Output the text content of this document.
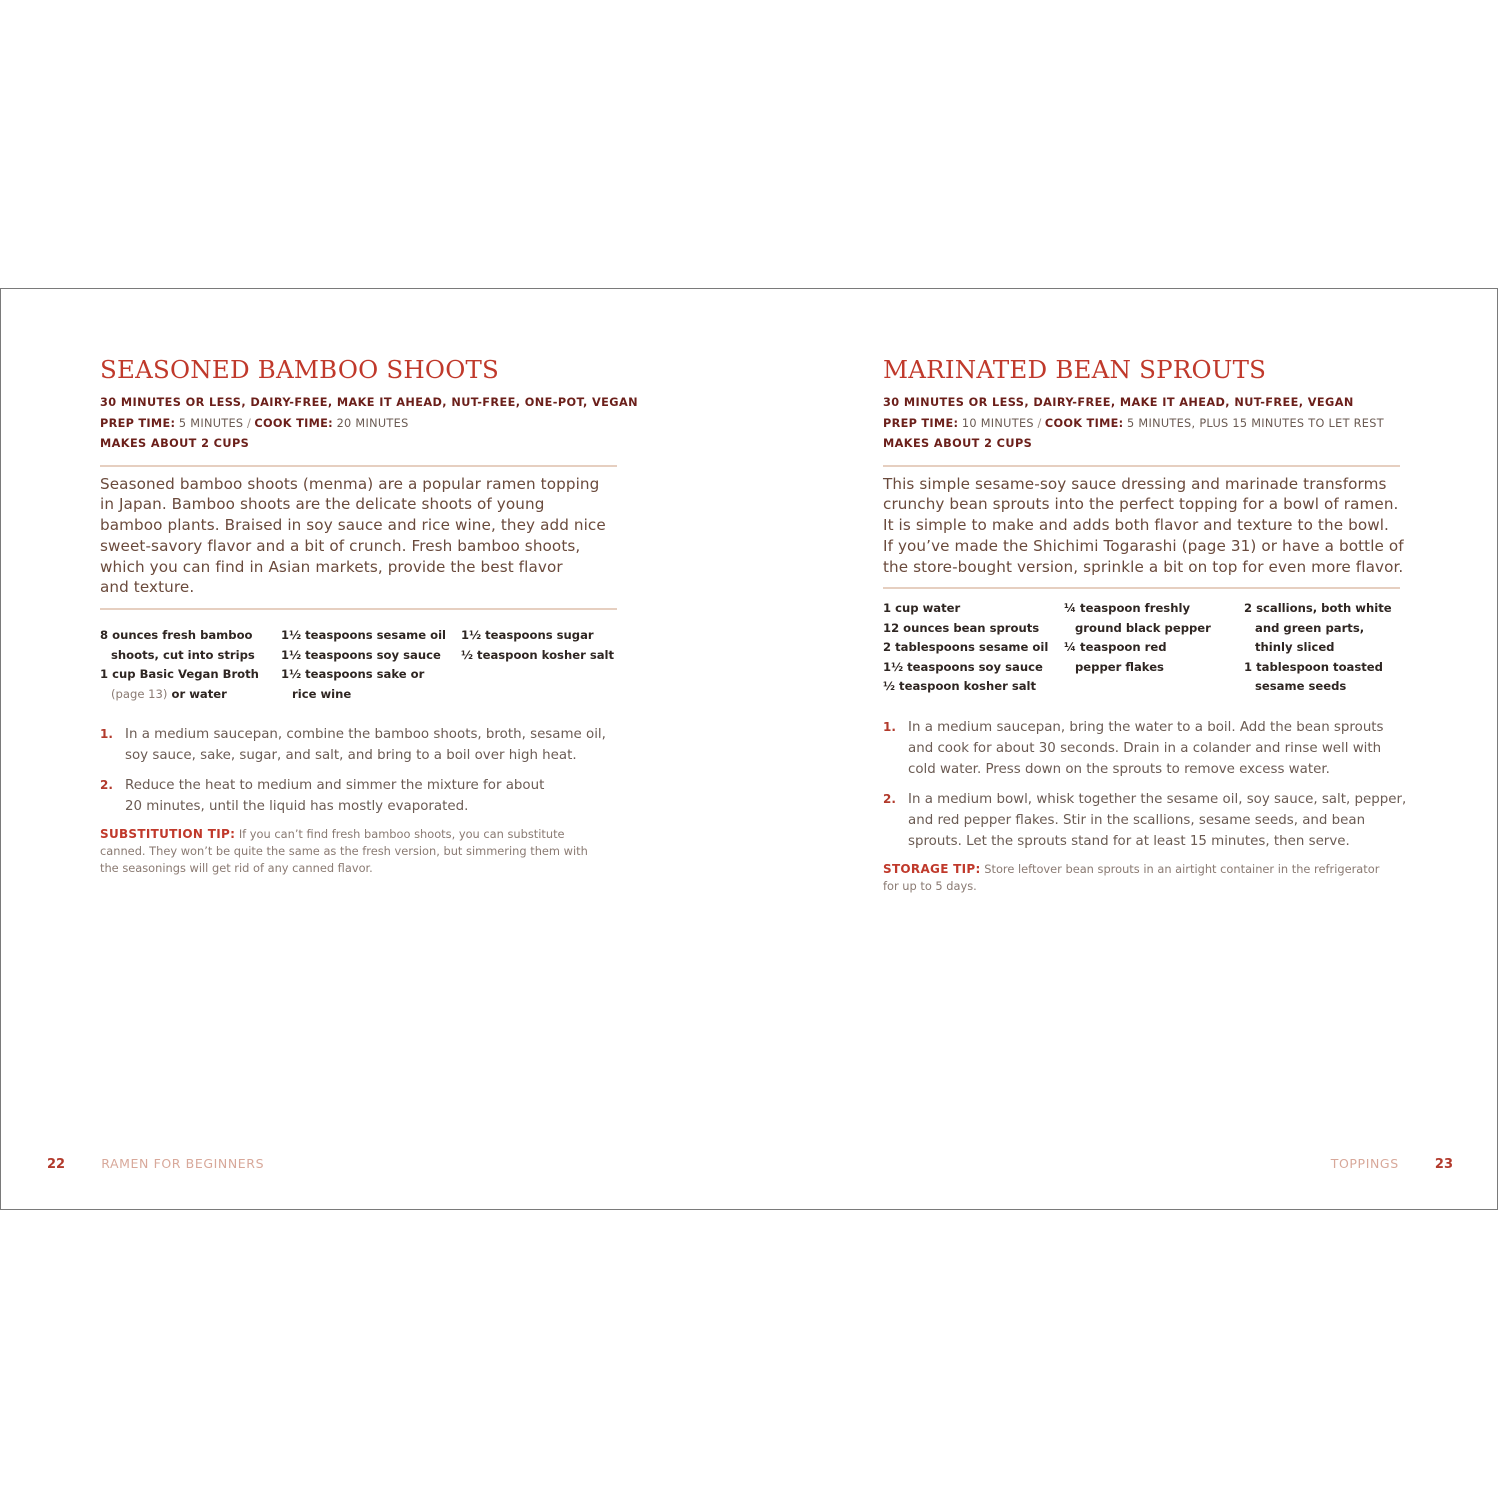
SEASONED BAMBOO SHOOTS
30 MINUTES OR LESS, DAIRY-FREE, MAKE IT AHEAD, NUT-FREE, ONE-POT, VEGAN
PREP TIME: 5 MINUTES / COOK TIME: 20 MINUTES
MAKES ABOUT 2 CUPS
Seasoned bamboo shoots (menma) are a popular ramen topping
in Japan. Bamboo shoots are the delicate shoots of young
bamboo plants. Braised in soy sauce and rice wine, they add nice
sweet-savory flavor and a bit of crunch. Fresh bamboo shoots,
which you can find in Asian markets, provide the best flavor
and texture.
8 ounces fresh bamboo
shoots, cut into strips
1 cup Basic Vegan Broth
(page 13) or water
1½ teaspoons sesame oil
1½ teaspoons soy sauce
1½ teaspoons sake or
rice wine
1½ teaspoons sugar
½ teaspoon kosher salt
1. In a medium saucepan, combine the bamboo shoots, broth, sesame oil,
soy sauce, sake, sugar, and salt, and bring to a boil over high heat.
2. Reduce the heat to medium and simmer the mixture for about
20 minutes, until the liquid has mostly evaporated.
SUBSTITUTION TIP: If you can’t find fresh bamboo shoots, you can substitute
canned. They won’t be quite the same as the fresh version, but simmering them with
the seasonings will get rid of any canned flavor.
22	RAMEN FOR BEGINNERS
MARINATED BEAN SPROUTS
30 MINUTES OR LESS, DAIRY-FREE, MAKE IT AHEAD, NUT-FREE, VEGAN
PREP TIME: 10 MINUTES / COOK TIME: 5 MINUTES, PLUS 15 MINUTES TO LET REST
MAKES ABOUT 2 CUPS
This simple sesame-soy sauce dressing and marinade transforms
crunchy bean sprouts into the perfect topping for a bowl of ramen.
It is simple to make and adds both flavor and texture to the bowl.
If you’ve made the Shichimi Togarashi (page 31) or have a bottle of
the store-bought version, sprinkle a bit on top for even more flavor.
1 cup water
12 ounces bean sprouts
2 tablespoons sesame oil
1½ teaspoons soy sauce
½ teaspoon kosher salt
¼ teaspoon freshly
ground black pepper
¼ teaspoon red
pepper flakes
2 scallions, both white
and green parts,
thinly sliced
1 tablespoon toasted
sesame seeds
1. In a medium saucepan, bring the water to a boil. Add the bean sprouts
and cook for about 30 seconds. Drain in a colander and rinse well with
cold water. Press down on the sprouts to remove excess water.
2. In a medium bowl, whisk together the sesame oil, soy sauce, salt, pepper,
and red pepper flakes. Stir in the scallions, sesame seeds, and bean
sprouts. Let the sprouts stand for at least 15 minutes, then serve.
STORAGE TIP: Store leftover bean sprouts in an airtight container in the refrigerator
for up to 5 days.
TOPPINGS	23
